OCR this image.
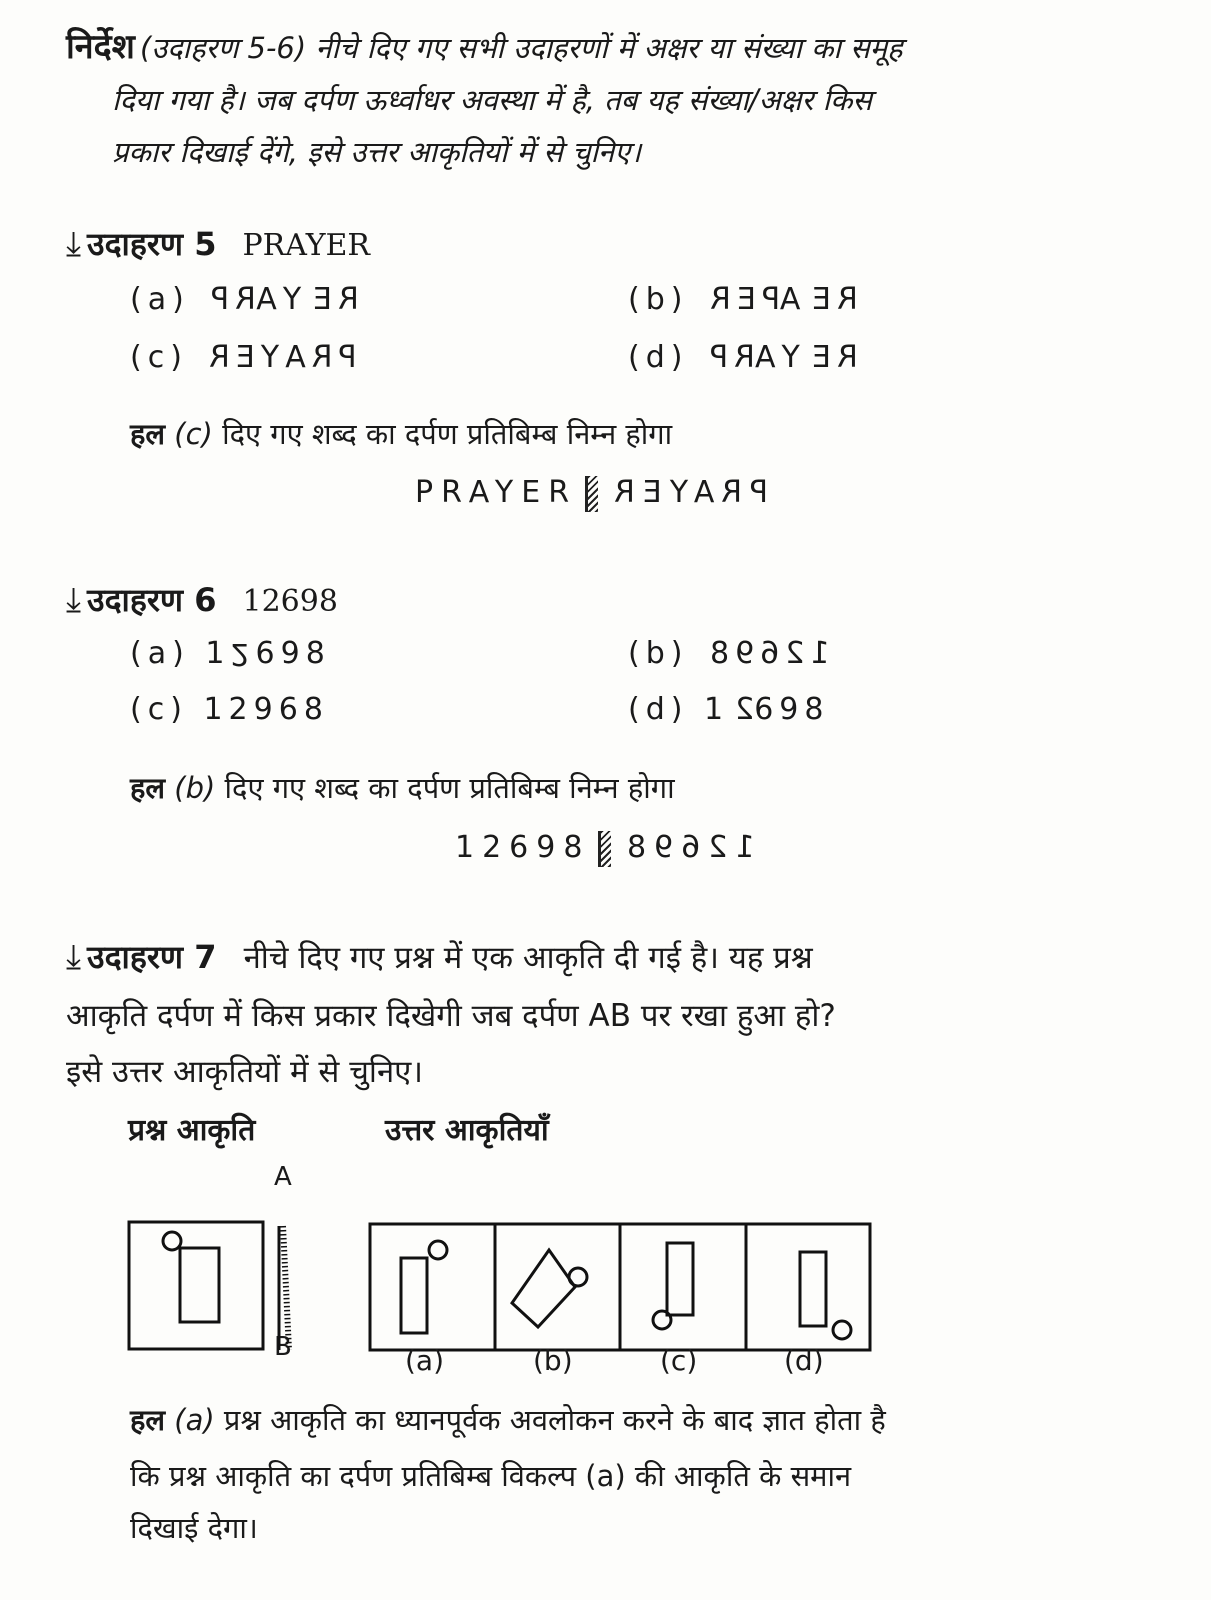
निर्देश (उदाहरण 5-6) नीचे दिए गए सभी उदाहरणों में अक्षर या संख्या का समूह
दिया गया है। जब दर्पण ऊर्ध्वाधर अवस्था में है, तब यह संख्या/अक्षर किस
प्रकार दिखाई देंगे, इसे उत्तर आकृतियों में से चुनिए।
⤓ उदाहरण 5 PRAYER
(a) PRAYER	(b) REPAER
(c)	PRAYER	(d) PRAYER
हल (c) दिए गए शब्द का दर्पण प्रतिबिम्ब निम्न होगा
PRAYER PRAYER
⤓ उदाहरण 6 12698
(a) 12698	(b)	12698
(c) 12968	(d) 12698
हल (b) दिए गए शब्द का दर्पण प्रतिबिम्ब निम्न होगा
12698 12698
⤓ उदाहरण 7 नीचे दिए गए प्रश्न में एक आकृति दी गई है। यह प्रश्न
आकृति दर्पण में किस प्रकार दिखेगी जब दर्पण AB पर रखा हुआ हो?
इसे उत्तर आकृतियों में से चुनिए।
प्रश्न आकृति	उत्तर आकृतियाँ
A
B	(a)	(b)	(c)	(d)
हल (a) प्रश्न आकृति का ध्यानपूर्वक अवलोकन करने के बाद ज्ञात होता है
कि प्रश्न आकृति का दर्पण प्रतिबिम्ब विकल्प (a) की आकृति के समान
दिखाई देगा।
